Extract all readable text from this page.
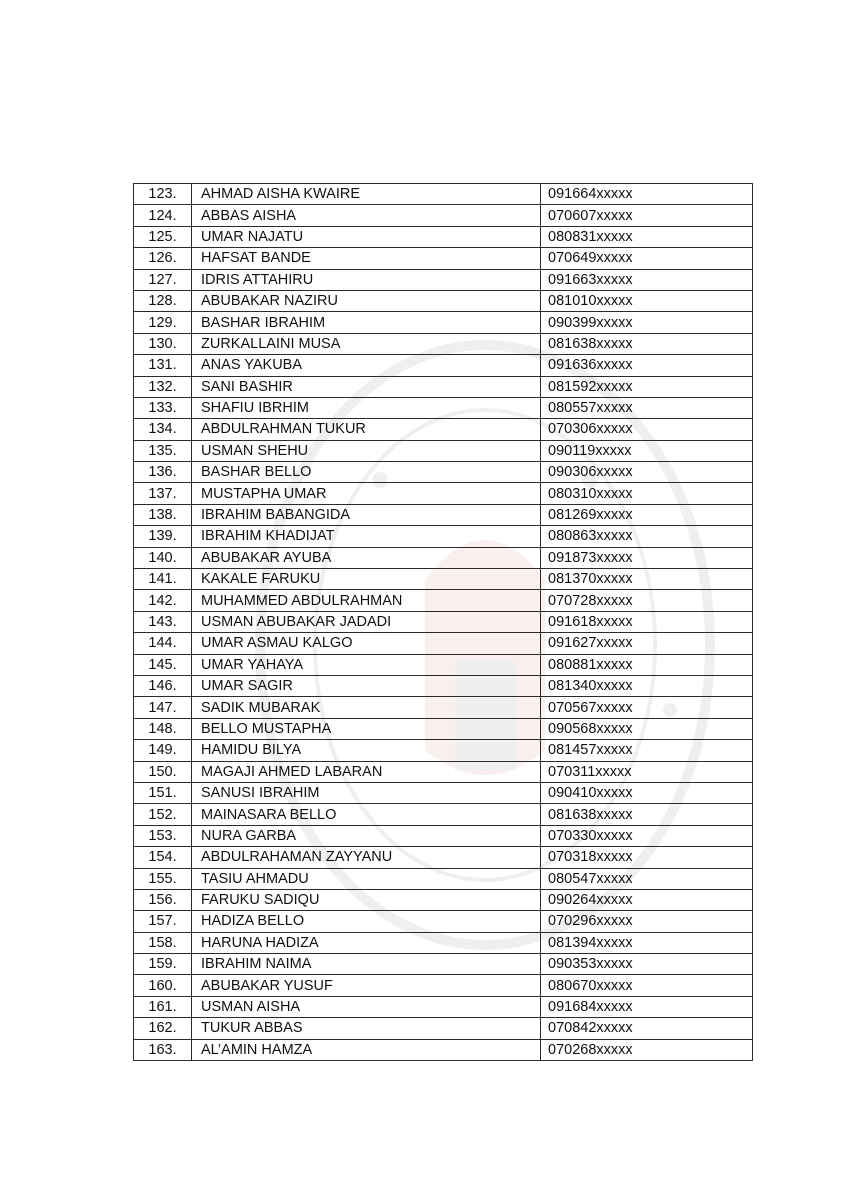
123.	AHMAD AISHA KWAIRE	091664xxxxx
124.	ABBAS AISHA	070607xxxxx
125.	UMAR NAJATU	080831xxxxx
126.	HAFSAT BANDE	070649xxxxx
127.	IDRIS ATTAHIRU	091663xxxxx
128.	ABUBAKAR NAZIRU	081010xxxxx
129.	BASHAR IBRAHIM	090399xxxxx
130.	ZURKALLAINI MUSA	081638xxxxx
131.	ANAS YAKUBA	091636xxxxx
132.	SANI BASHIR	081592xxxxx
133.	SHAFIU IBRHIM	080557xxxxx
134.	ABDULRAHMAN TUKUR	070306xxxxx
135.	USMAN SHEHU	090119xxxxx
136.	BASHAR BELLO	090306xxxxx
137.	MUSTAPHA UMAR	080310xxxxx
138.	IBRAHIM BABANGIDA	081269xxxxx
139.	IBRAHIM KHADIJAT	080863xxxxx
140.	ABUBAKAR AYUBA	091873xxxxx
141.	KAKALE FARUKU	081370xxxxx
142.	MUHAMMED ABDULRAHMAN	070728xxxxx
143.	USMAN ABUBAKAR JADADI	091618xxxxx
144.	UMAR ASMAU KALGO	091627xxxxx
145.	UMAR YAHAYA	080881xxxxx
146.	UMAR SAGIR	081340xxxxx
147.	SADIK MUBARAK	070567xxxxx
148.	BELLO MUSTAPHA	090568xxxxx
149.	HAMIDU BILYA	081457xxxxx
150.	MAGAJI AHMED LABARAN	070311xxxxx
151.	SANUSI IBRAHIM	090410xxxxx
152.	MAINASARA BELLO	081638xxxxx
153.	NURA GARBA	070330xxxxx
154.	ABDULRAHAMAN ZAYYANU	070318xxxxx
155.	TASIU AHMADU	080547xxxxx
156.	FARUKU SADIQU	090264xxxxx
157.	HADIZA BELLO	070296xxxxx
158.	HARUNA HADIZA	081394xxxxx
159.	IBRAHIM NAIMA	090353xxxxx
160.	ABUBAKAR YUSUF	080670xxxxx
161.	USMAN AISHA	091684xxxxx
162.	TUKUR ABBAS	070842xxxxx
163.	AL’AMIN HAMZA	070268xxxxx
